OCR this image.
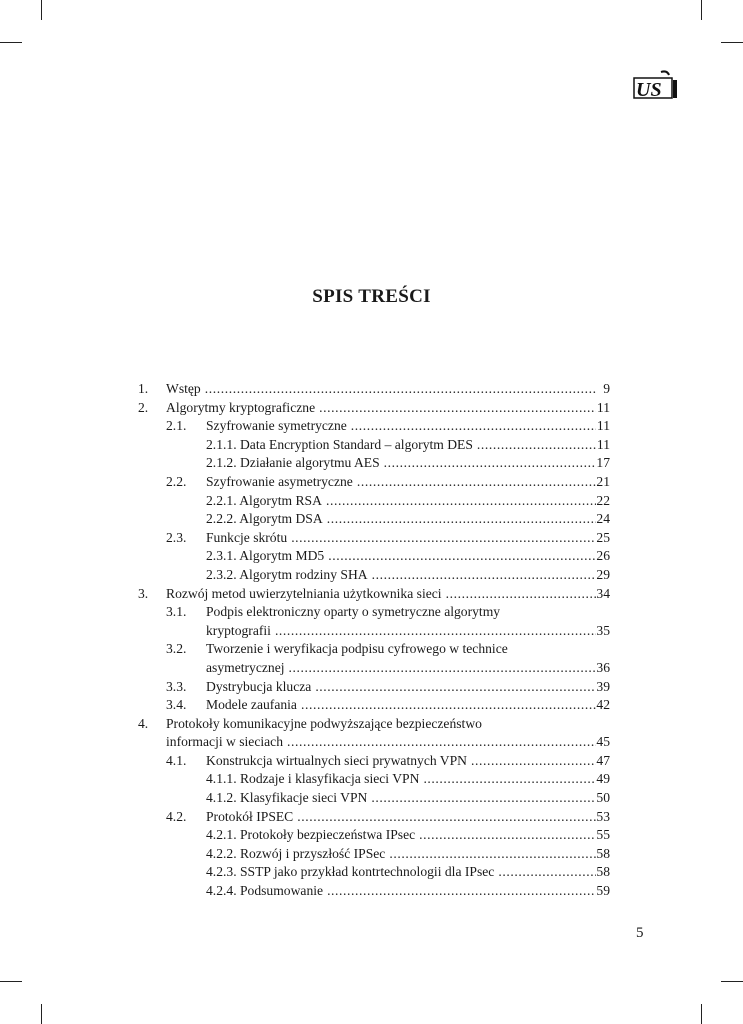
US
SPIS TREŚCI
1. Wstęp .....	9
2. Algorytmy kryptograficzne .....	11
2.1. Szyfrowanie symetryczne .....	11
2.1.1. Data Encryption Standard – algorytm DES .....	11
2.1.2. Działanie algorytmu AES .....	17
2.2. Szyfrowanie asymetryczne .....	21
2.2.1. Algorytm RSA .....	22
2.2.2. Algorytm DSA .....	24
2.3. Funkcje skrótu .....	25
2.3.1. Algorytm MD5 .....	26
2.3.2. Algorytm rodziny SHA .....	29
3. Rozwój metod uwierzytelniania użytkownika sieci .....	34
3.1. Podpis elektroniczny oparty o symetryczne algorytmy
kryptografii .....	35
3.2. Tworzenie i weryfikacja podpisu cyfrowego w technice
asymetrycznej .....	36
3.3. Dystrybucja klucza .....	39
3.4. Modele zaufania .....	42
4. Protokoły komunikacyjne podwyższające bezpieczeństwo
informacji w sieciach .....	45
4.1. Konstrukcja wirtualnych sieci prywatnych VPN .....	47
4.1.1. Rodzaje i klasyfikacja sieci VPN .....	49
4.1.2. Klasyfikacje sieci VPN .....	50
4.2. Protokół IPSEC .....	53
4.2.1. Protokoły bezpieczeństwa IPsec .....	55
4.2.2. Rozwój i przyszłość IPSec .....	58
4.2.3. SSTP jako przykład kontrtechnologii dla IPsec .....	58
4.2.4. Podsumowanie .....	59
5
